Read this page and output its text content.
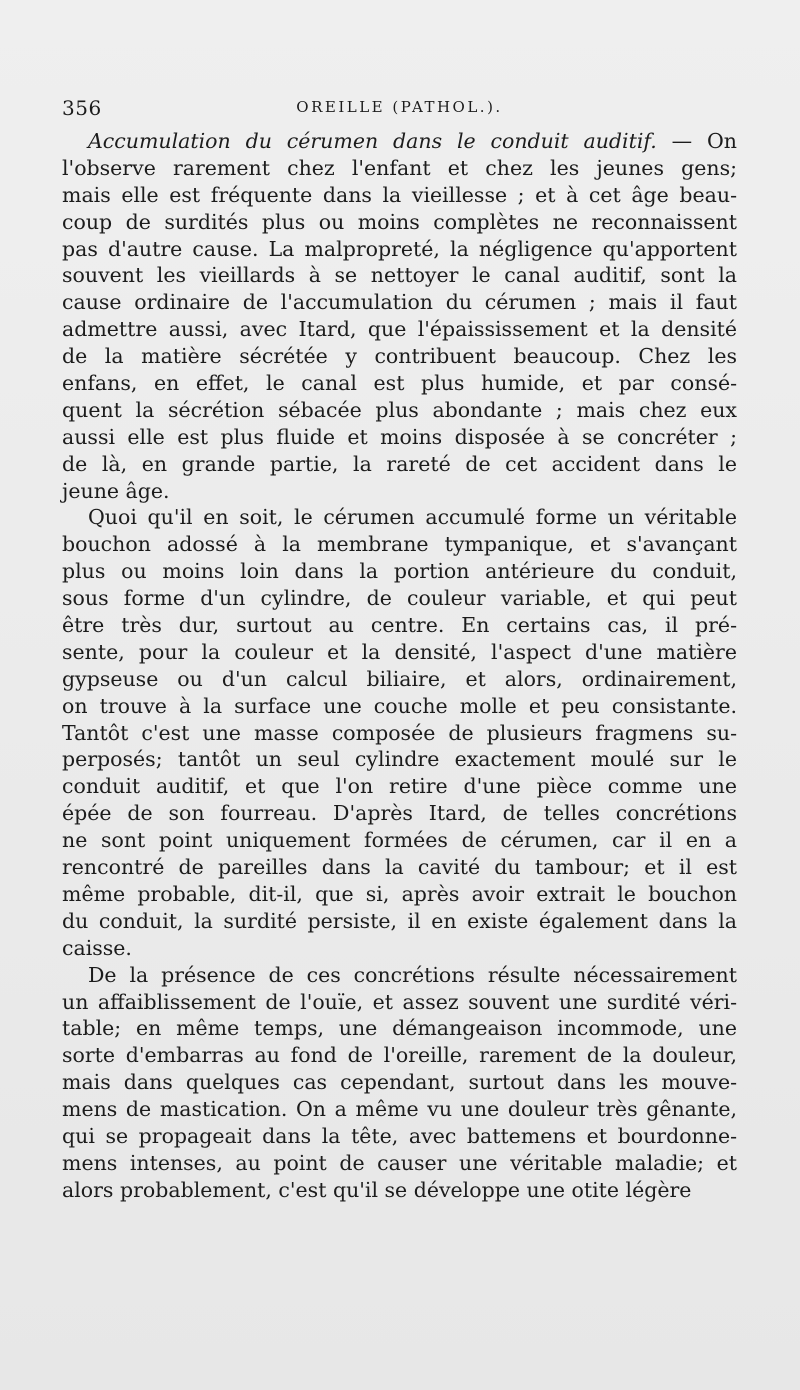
356	OREILLE (PATHOL.).
Accumulation du cérumen dans le conduit auditif. — On
l'observe rarement chez l'enfant et chez les jeunes gens;
mais elle est fréquente dans la vieillesse ; et à cet âge beau-
coup de surdités plus ou moins complètes ne reconnaissent
pas d'autre cause. La malpropreté, la négligence qu'apportent
souvent les vieillards à se nettoyer le canal auditif, sont la
cause ordinaire de l'accumulation du cérumen ; mais il faut
admettre aussi, avec Itard, que l'épaississement et la densité
de la matière sécrétée y contribuent beaucoup. Chez les
enfans, en effet, le canal est plus humide, et par consé-
quent la sécrétion sébacée plus abondante ; mais chez eux
aussi elle est plus fluide et moins disposée à se concréter ;
de là, en grande partie, la rareté de cet accident dans le
jeune âge.
Quoi qu'il en soit, le cérumen accumulé forme un véritable
bouchon adossé à la membrane tympanique, et s'avançant
plus ou moins loin dans la portion antérieure du conduit,
sous forme d'un cylindre, de couleur variable, et qui peut
être très dur, surtout au centre. En certains cas, il pré-
sente, pour la couleur et la densité, l'aspect d'une matière
gypseuse ou d'un calcul biliaire, et alors, ordinairement,
on trouve à la surface une couche molle et peu consistante.
Tantôt c'est une masse composée de plusieurs fragmens su-
perposés; tantôt un seul cylindre exactement moulé sur le
conduit auditif, et que l'on retire d'une pièce comme une
épée de son fourreau. D'après Itard, de telles concrétions
ne sont point uniquement formées de cérumen, car il en a
rencontré de pareilles dans la cavité du tambour; et il est
même probable, dit-il, que si, après avoir extrait le bouchon
du conduit, la surdité persiste, il en existe également dans la
caisse.
De la présence de ces concrétions résulte nécessairement
un affaiblissement de l'ouïe, et assez souvent une surdité véri-
table; en même temps, une démangeaison incommode, une
sorte d'embarras au fond de l'oreille, rarement de la douleur,
mais dans quelques cas cependant, surtout dans les mouve-
mens de mastication. On a même vu une douleur très gênante,
qui se propageait dans la tête, avec battemens et bourdonne-
mens intenses, au point de causer une véritable maladie; et
alors probablement, c'est qu'il se développe une otite légère
